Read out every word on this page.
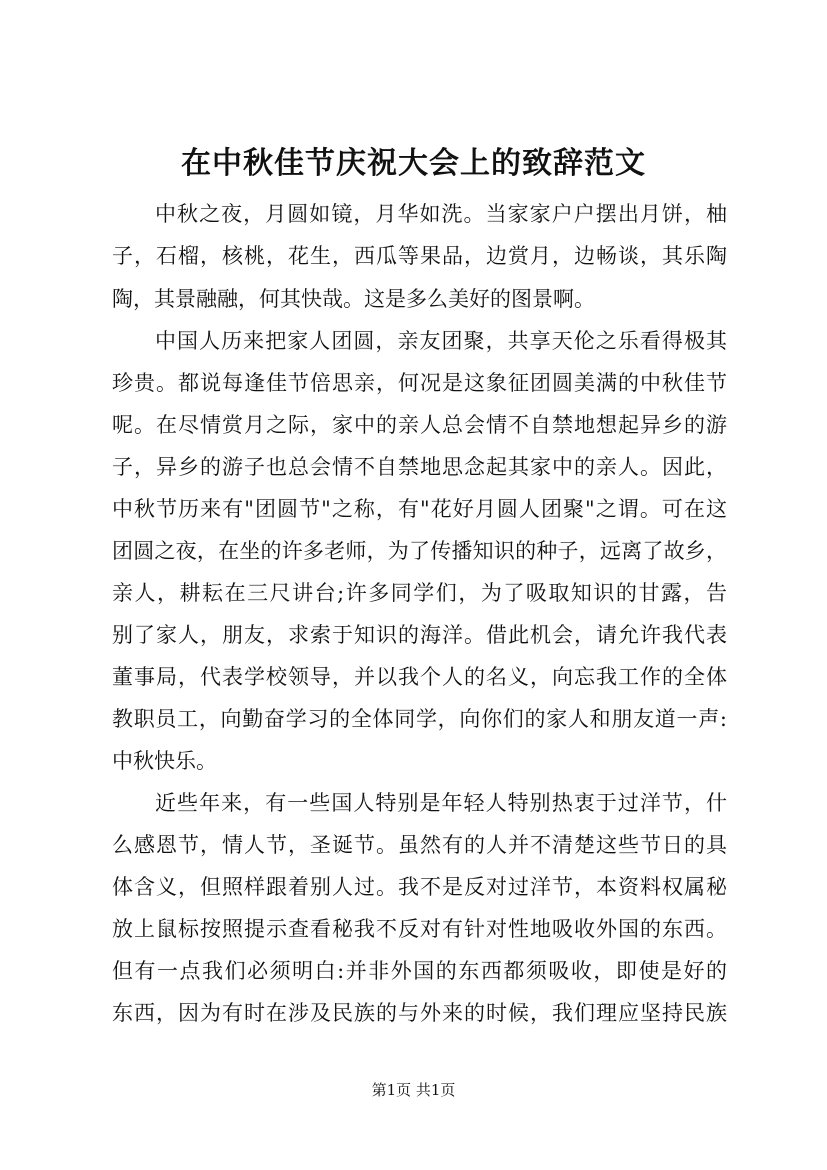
在中秋佳节庆祝大会上的致辞范文
中秋之夜，月圆如镜，月华如洗。当家家户户摆出月饼，柚
子，石榴，核桃，花生，西瓜等果品，边赏月，边畅谈，其乐陶
陶，其景融融，何其快哉。这是多么美好的图景啊。
中国人历来把家人团圆，亲友团聚，共享天伦之乐看得极其
珍贵。都说每逢佳节倍思亲，何况是这象征团圆美满的中秋佳节
呢。在尽情赏月之际，家中的亲人总会情不自禁地想起异乡的游
子，异乡的游子也总会情不自禁地思念起其家中的亲人。因此，
中秋节历来有"团圆节"之称，有"花好月圆人团聚"之谓。可在这
团圆之夜，在坐的许多老师，为了传播知识的种子，远离了故乡，
亲人，耕耘在三尺讲台;许多同学们，为了吸取知识的甘露，告
别了家人，朋友，求索于知识的海洋。借此机会，请允许我代表
董事局，代表学校领导，并以我个人的名义，向忘我工作的全体
教职员工，向勤奋学习的全体同学，向你们的家人和朋友道一声:
中秋快乐。
近些年来，有一些国人特别是年轻人特别热衷于过洋节，什
么感恩节，情人节，圣诞节。虽然有的人并不清楚这些节日的具
体含义，但照样跟着别人过。我不是反对过洋节，本资料权属秘
放上鼠标按照提示查看秘我不反对有针对性地吸收外国的东西。
但有一点我们必须明白:并非外国的东西都须吸收，即使是好的
东西，因为有时在涉及民族的与外来的时候，我们理应坚持民族
第1页 共1页
